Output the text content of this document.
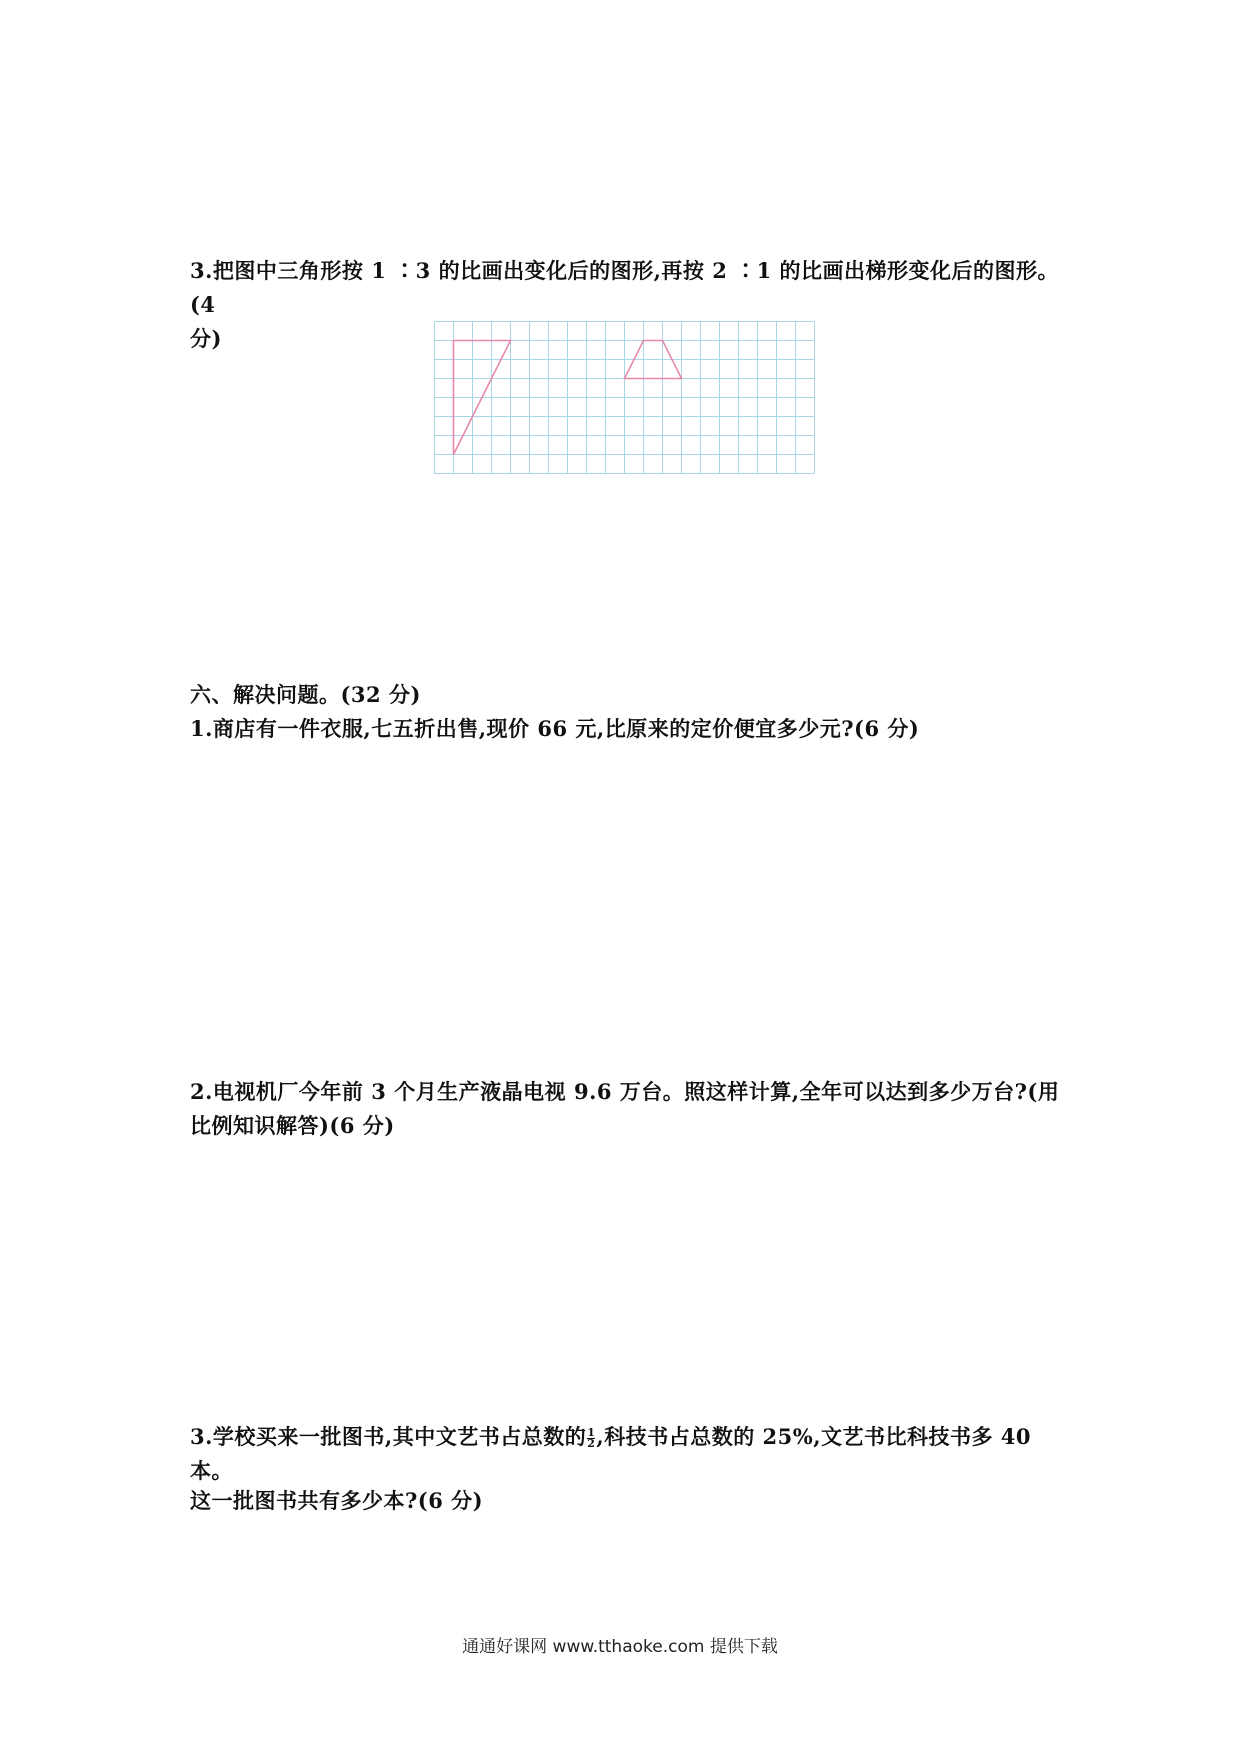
3.把图中三角形按 1 ∶3 的比画出变化后的图形,再按 2 ∶1 的比画出梯形变化后的图形。(4
分)

六、解决问题。(32 分)

1.商店有一件衣服,七五折出售,现价 66 元,比原来的定价便宜多少元?(6 分)

2.电视机厂今年前 3 个月生产液晶电视 9.6 万台。照这样计算,全年可以达到多少万台?(用
比例知识解答)(6 分)

3.学校买来一批图书,其中文艺书占总数的 $\frac{1}{2}$ ,科技书占总数的 25%,文艺书比科技书多 40 本。

这一批图书共有多少本?(6 分)

通通好课网 www.tthaoke.com 提供下载
